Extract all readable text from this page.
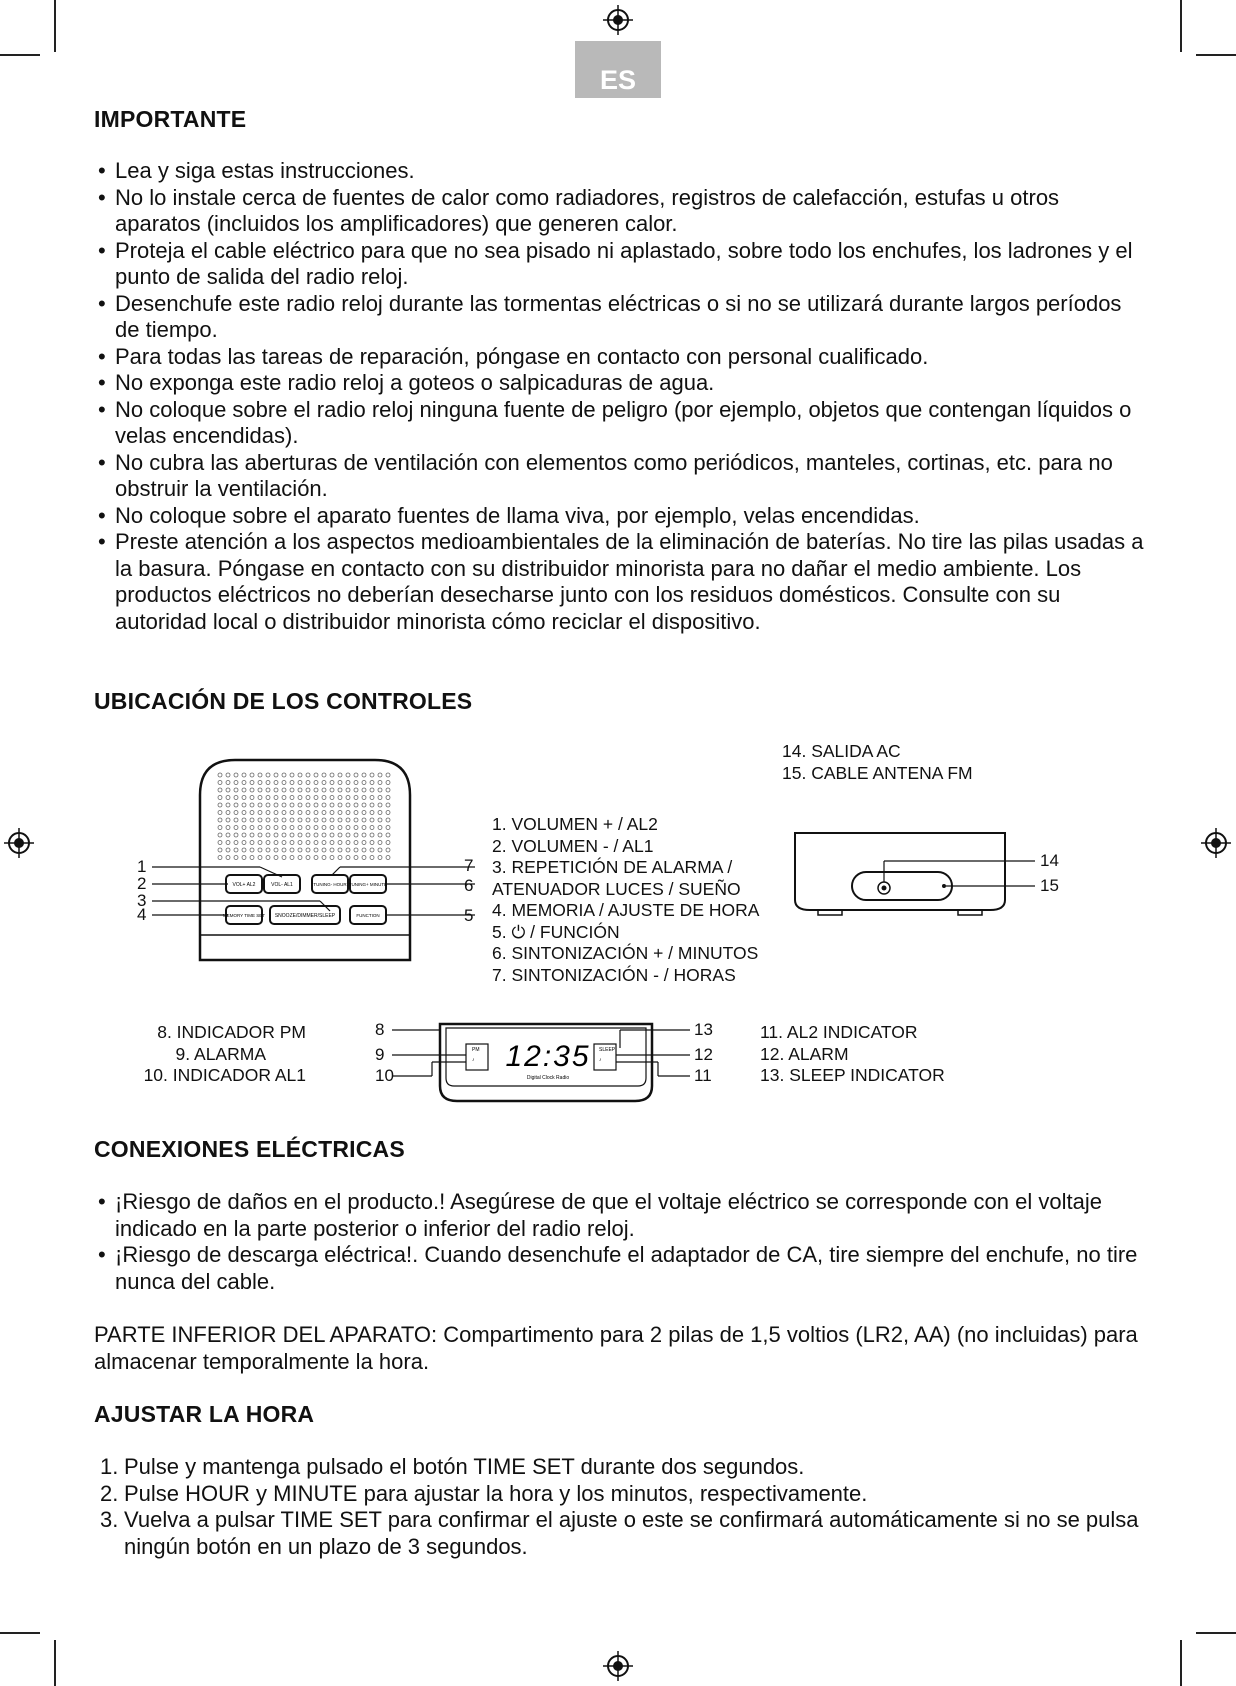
ES
IMPORTANTE
• Lea y siga estas instrucciones.
• No lo instale cerca de fuentes de calor como radiadores, registros de calefacción, estufas u otros aparatos (incluidos los amplificadores) que generen calor.
• Proteja el cable eléctrico para que no sea pisado ni aplastado, sobre todo los enchufes, los ladrones y el punto de salida del radio reloj.
• Desenchufe este radio reloj durante las tormentas eléctricas o si no se utilizará durante largos períodos de tiempo.
• Para todas las tareas de reparación, póngase en contacto con personal cualificado.
• No exponga este radio reloj a goteos o salpicaduras de agua.
• No coloque sobre el radio reloj ninguna fuente de peligro (por ejemplo, objetos que contengan líquidos o velas encendidas).
• No cubra las aberturas de ventilación con elementos como periódicos, manteles, cortinas, etc. para no obstruir la ventilación.
• No coloque sobre el aparato fuentes de llama viva, por ejemplo, velas encendidas.
• Preste atención a los aspectos medioambientales de la eliminación de baterías. No tire las pilas usadas a la basura. Póngase en contacto con su distribuidor minorista para no dañar el medio ambiente. Los productos eléctricos no deberían desecharse junto con los residuos domésticos. Consulte con su autoridad local o distribuidor minorista cómo reciclar el dispositivo.
UBICACIÓN DE LOS CONTROLES
VOL+ AL2	VOL- AL1	TUNING- HOUR TUNING+ MINUTE
MEMORY TIME SET SNOOZE/DIMMER/SLEEP	FUNCTION
1
2
3
4
7
6
5
1. VOLUMEN + / AL2
2. VOLUMEN - / AL1
3. REPETICIÓN DE ALARMA /
ATENUADOR LUCES / SUEÑO
4. MEMORIA / AJUSTE DE HORA
5. ⏻ / FUNCIÓN
6. SINTONIZACIÓN + / MINUTOS
7. SINTONIZACIÓN - / HORAS
14. SALIDA AC
15. CABLE ANTENA FM
14
15
8. INDICADOR PM
9. ALARMA
10. INDICADOR AL1
11. AL2 INDICATOR
12. ALARM
13. SLEEP INDICATOR
PM
♪
SLEEP
♪
12:35
Digital Clock Radio
8
9
10
13
12
11
CONEXIONES ELÉCTRICAS
• ¡Riesgo de daños en el producto.! Asegúrese de que el voltaje eléctrico se corresponde con el voltaje indicado en la parte posterior o inferior del radio reloj.
• ¡Riesgo de descarga eléctrica!. Cuando desenchufe el adaptador de CA, tire siempre del enchufe, no tire nunca del cable.

PARTE INFERIOR DEL APARATO: Compartimento para 2 pilas de 1,5 voltios (LR2, AA) (no incluidas) para almacenar temporalmente la hora.

AJUSTAR LA HORA
1. Pulse y mantenga pulsado el botón TIME SET durante dos segundos.
2. Pulse HOUR y MINUTE para ajustar la hora y los minutos, respectivamente.
3. Vuelva a pulsar TIME SET para confirmar el ajuste o este se confirmará automáticamente si no se pulsa ningún botón en un plazo de 3 segundos.
